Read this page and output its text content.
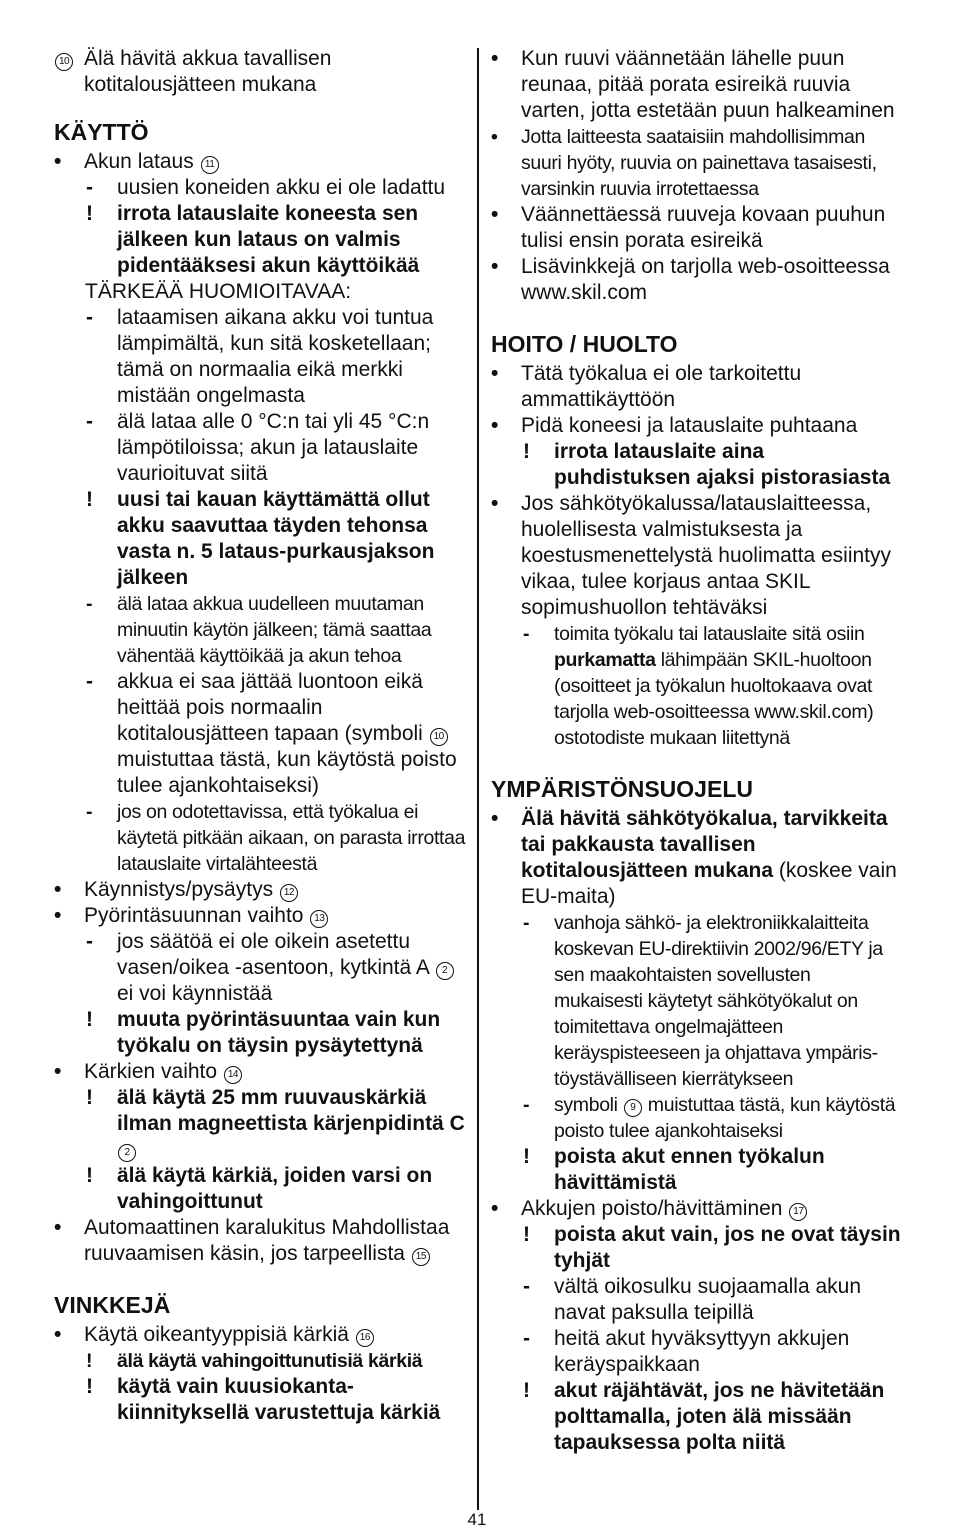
10 Älä hävitä akkua tavallisen kotitalousjätteen mukana
KÄYTTÖ
• Akun lataus 11
- uusien koneiden akku ei ole ladattu
! irrota latauslaite koneesta sen jälkeen kun lataus on valmis pidentääksesi akun käyttöikää
TÄRKEÄÄ HUOMIOITAVAA:
- lataamisen aikana akku voi tuntua lämpimältä, kun sitä kosketellaan; tämä on normaalia eikä merkki mistään ongelmasta
- älä lataa alle 0 °C:n tai yli 45 °C:n lämpötiloissa; akun ja latauslaite vaurioituvat siitä
! uusi tai kauan käyttämättä ollut akku saavuttaa täyden tehonsa vasta n. 5 lataus-purkausjakson jälkeen
- älä lataa akkua uudelleen muutaman minuutin käytön jälkeen; tämä saattaa vähentää käyttöikää ja akun tehoa
- akkua ei saa jättää luontoon eikä heittää pois normaalin kotitalousjätteen tapaan (symboli 10 muistuttaa tästä, kun käytöstä poisto tulee ajankohtaiseksi)
- jos on odotettavissa, että työkalua ei käytetä pitkään aikaan, on parasta irrottaa latauslaite virtalähteestä
• Käynnistys/pysäytys 12
• Pyörintäsuunnan vaihto 13
- jos säätöä ei ole oikein asetettu vasen/oikea -asentoon, kytkintä A 2 ei voi käynnistää
! muuta pyörintäsuuntaa vain kun työkalu on täysin pysäytettynä
• Kärkien vaihto 14
! älä käytä 25 mm ruuvauskärkiä ilman magneettista kärjenpidintä C 2
! älä käytä kärkiä, joiden varsi on vahingoittunut
• Automaattinen karalukitus Mahdollistaa ruuvaamisen käsin, jos tarpeellista 15
VINKKEJÄ
• Käytä oikeantyyppisiä kärkiä 16
! älä käytä vahingoittunutisiä kärkiä
! käytä vain kuusiokanta-kiinnityksellä varustettuja kärkiä
• Kun ruuvi väännetään lähelle puun reunaa, pitää porata esireikä ruuvia varten, jotta estetään puun halkeaminen
• Jotta laitteesta saataisiin mahdollisimman suuri hyöty, ruuvia on painettava tasaisesti, varsinkin ruuvia irrotettaessa
• Väännettäessä ruuveja kovaan puuhun tulisi ensin porata esireikä
• Lisävinkkejä on tarjolla web-osoitteessa www.skil.com
HOITO / HUOLTO
• Tätä työkalua ei ole tarkoitettu ammattikäyttöön
• Pidä koneesi ja latauslaite puhtaana
! irrota latauslaite aina puhdistuksen ajaksi pistorasiasta
• Jos sähkötyökalussa/latauslaitteessa, huolellisesta valmistuksesta ja koestusmenettelystä huolimatta esiintyy vikaa, tulee korjaus antaa SKIL sopimushuollon tehtäväksi
- toimita työkalu tai latauslaite sitä osiin purkamatta lähimpään SKIL-huoltoon (osoitteet ja työkalun huoltokaava ovat tarjolla web-osoitteessa www.skil.com) ostotodiste mukaan liitettynä
YMPÄRISTÖNSUOJELU
• Älä hävitä sähkötyökalua, tarvikkeita tai pakkausta tavallisen kotitalousjätteen mukana (koskee vain EU-maita)
- vanhoja sähkö- ja elektroniikkalaitteita koskevan EU-direktiivin 2002/96/ETY ja sen maakohtaisten sovellusten mukaisesti käytetyt sähkötyökalut on toimitettava ongelmajätteen keräyspisteeseen ja ohjattava ympäris-töystävälliseen kierrätykseen
- symboli 9 muistuttaa tästä, kun käytöstä poisto tulee ajankohtaiseksi
! poista akut ennen työkalun hävittämistä
• Akkujen poisto/hävittäminen 17
! poista akut vain, jos ne ovat täysin tyhjät
- vältä oikosulku suojaamalla akun navat paksulla teipillä
- heitä akut hyväksyttyyn akkujen keräyspaikkaan
! akut räjähtävät, jos ne hävitetään polttamalla, joten älä missään tapauksessa polta niitä
41
